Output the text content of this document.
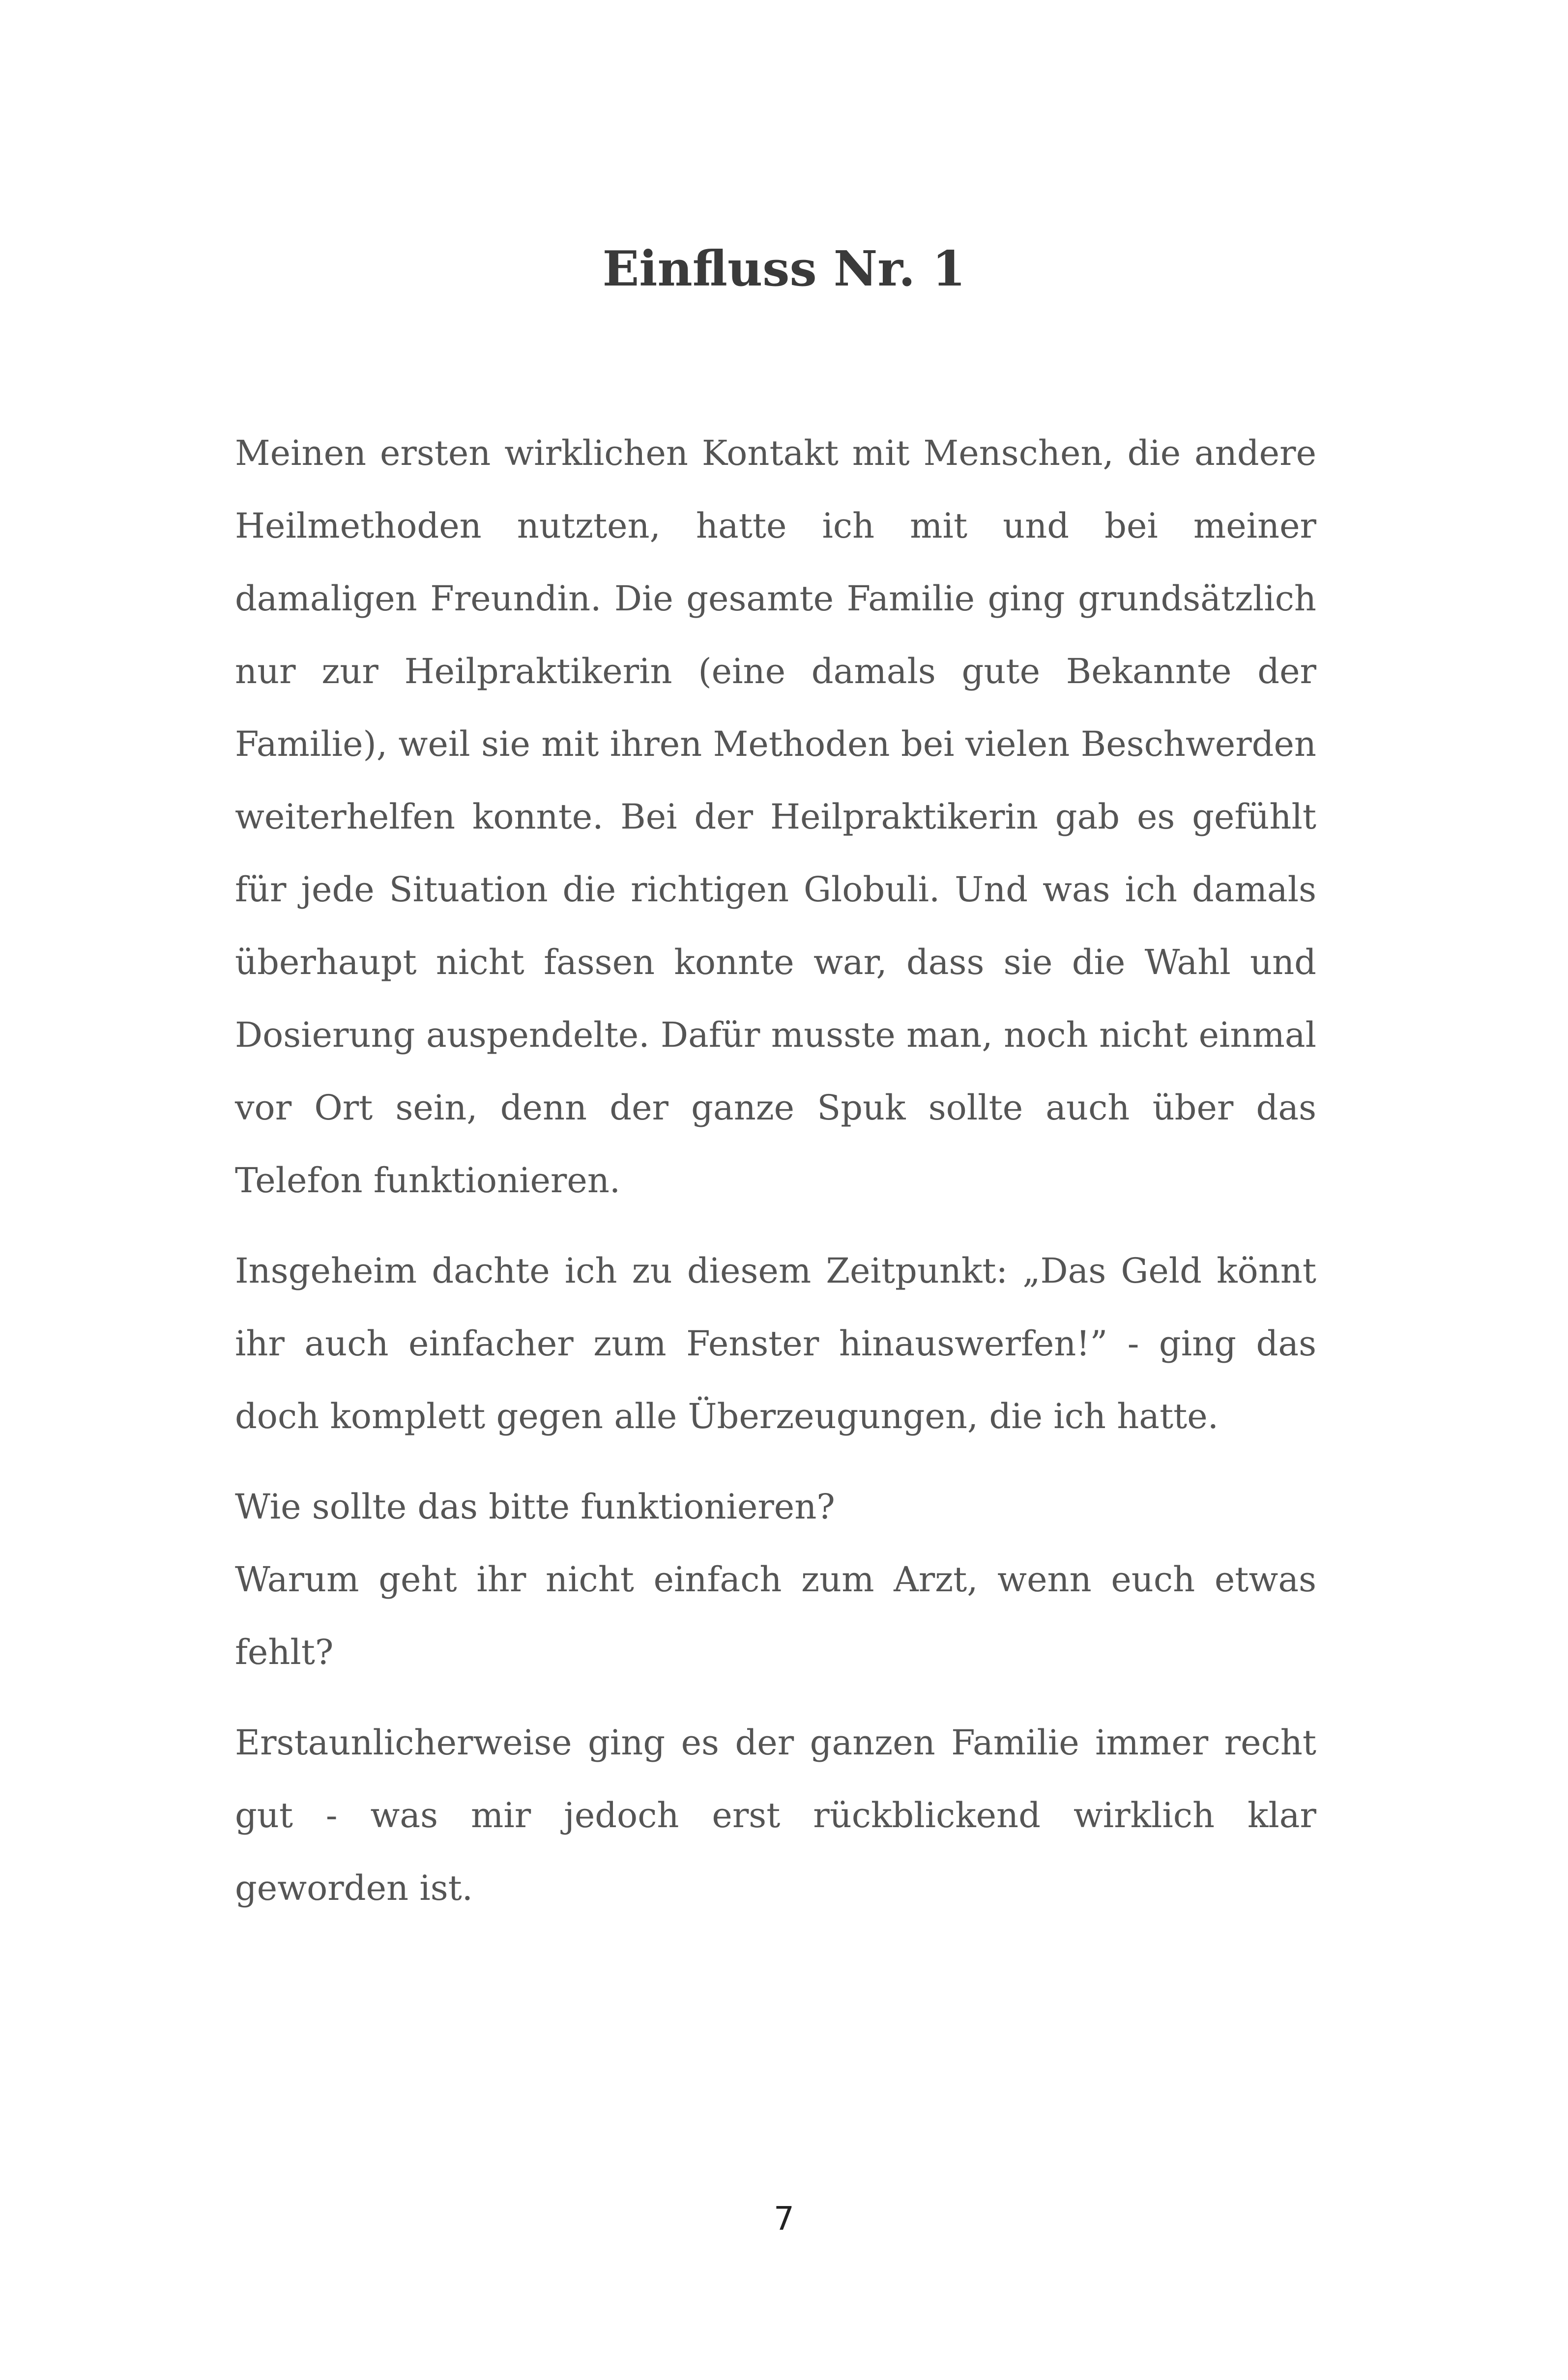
Einfluss Nr. 1

Meinen ersten wirklichen Kontakt mit Menschen, die andere Heilmethoden nutzten, hatte ich mit und bei meiner damaligen Freundin. Die gesamte Familie ging grundsätzlich nur zur Heilpraktikerin (eine damals gute Bekannte der Familie), weil sie mit ihren Methoden bei vielen Beschwerden weiterhelfen konnte. Bei der Heilpraktikerin gab es gefühlt für jede Situation die richtigen Globuli. Und was ich damals überhaupt nicht fassen konnte war, dass sie die Wahl und Dosierung auspendelte. Dafür musste man, noch nicht einmal vor Ort sein, denn der ganze Spuk sollte auch über das Telefon funktionieren.

Insgeheim dachte ich zu diesem Zeitpunkt: „Das Geld könnt ihr auch einfacher zum Fenster hinauswerfen!” - ging das doch komplett gegen alle Überzeugungen, die ich hatte.

Wie sollte das bitte funktionieren?

Warum geht ihr nicht einfach zum Arzt, wenn euch etwas fehlt?

Erstaunlicherweise ging es der ganzen Familie immer recht gut - was mir jedoch erst rückblickend wirklich klar geworden ist.

7
